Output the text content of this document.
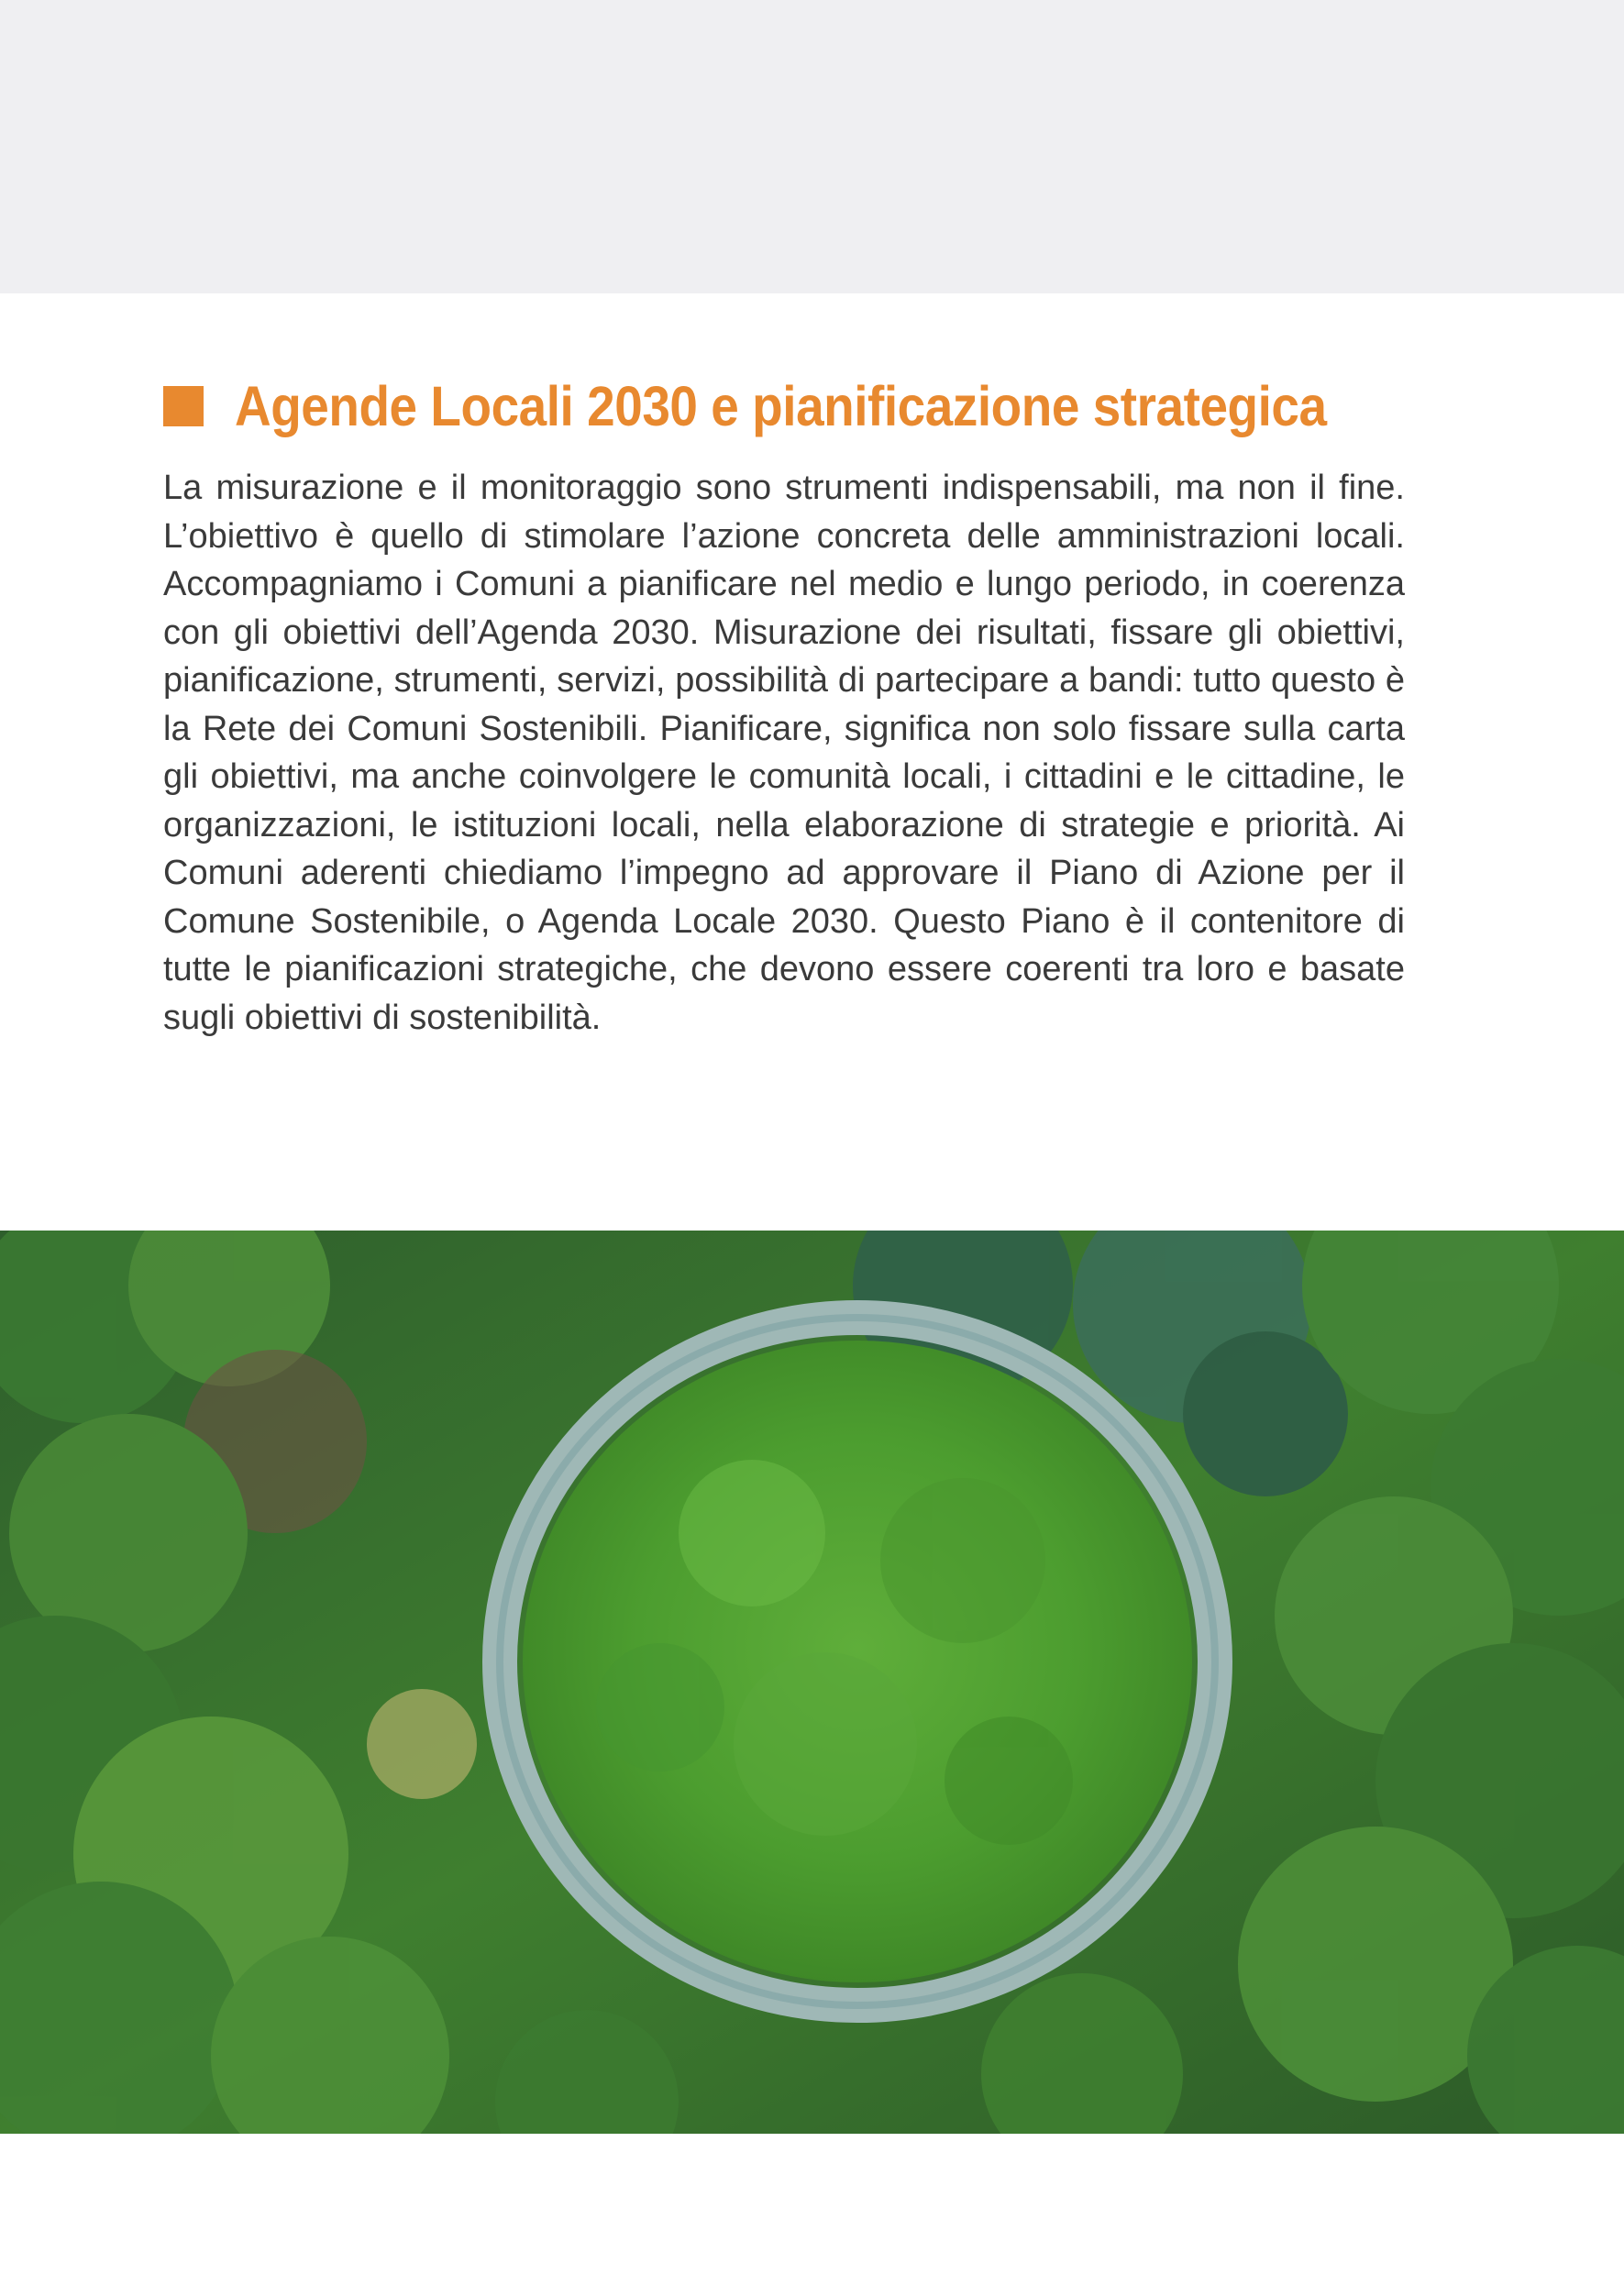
Agende Locali 2030 e pianificazione strategica

La misurazione e il monitoraggio sono strumenti indispensabili, ma non il fine. L’obiettivo è quello di stimolare l’azione concreta delle amministrazioni locali. Accompagniamo i Comuni a pianificare nel medio e lungo periodo, in coerenza con gli obiettivi dell’Agenda 2030. Misurazione dei risultati, fissare gli obiettivi, pianificazione, strumenti, servizi, possibilità di partecipare a bandi: tutto questo è la Rete dei Comuni Sostenibili. Pianificare, significa non solo fissare sulla carta gli obiettivi, ma anche coinvolgere le comunità locali, i cittadini e le cittadine, le organizzazioni, le istituzioni locali, nella elaborazione di strategie e priorità. Ai Comuni aderenti chiediamo l’impegno ad approvare il Piano di Azione per il Comune Sostenibile, o Agenda Locale 2030. Questo Piano è il contenitore di tutte le pianificazioni strategiche, che devono essere coerenti tra loro e basate sugli obiettivi di sostenibilità.
